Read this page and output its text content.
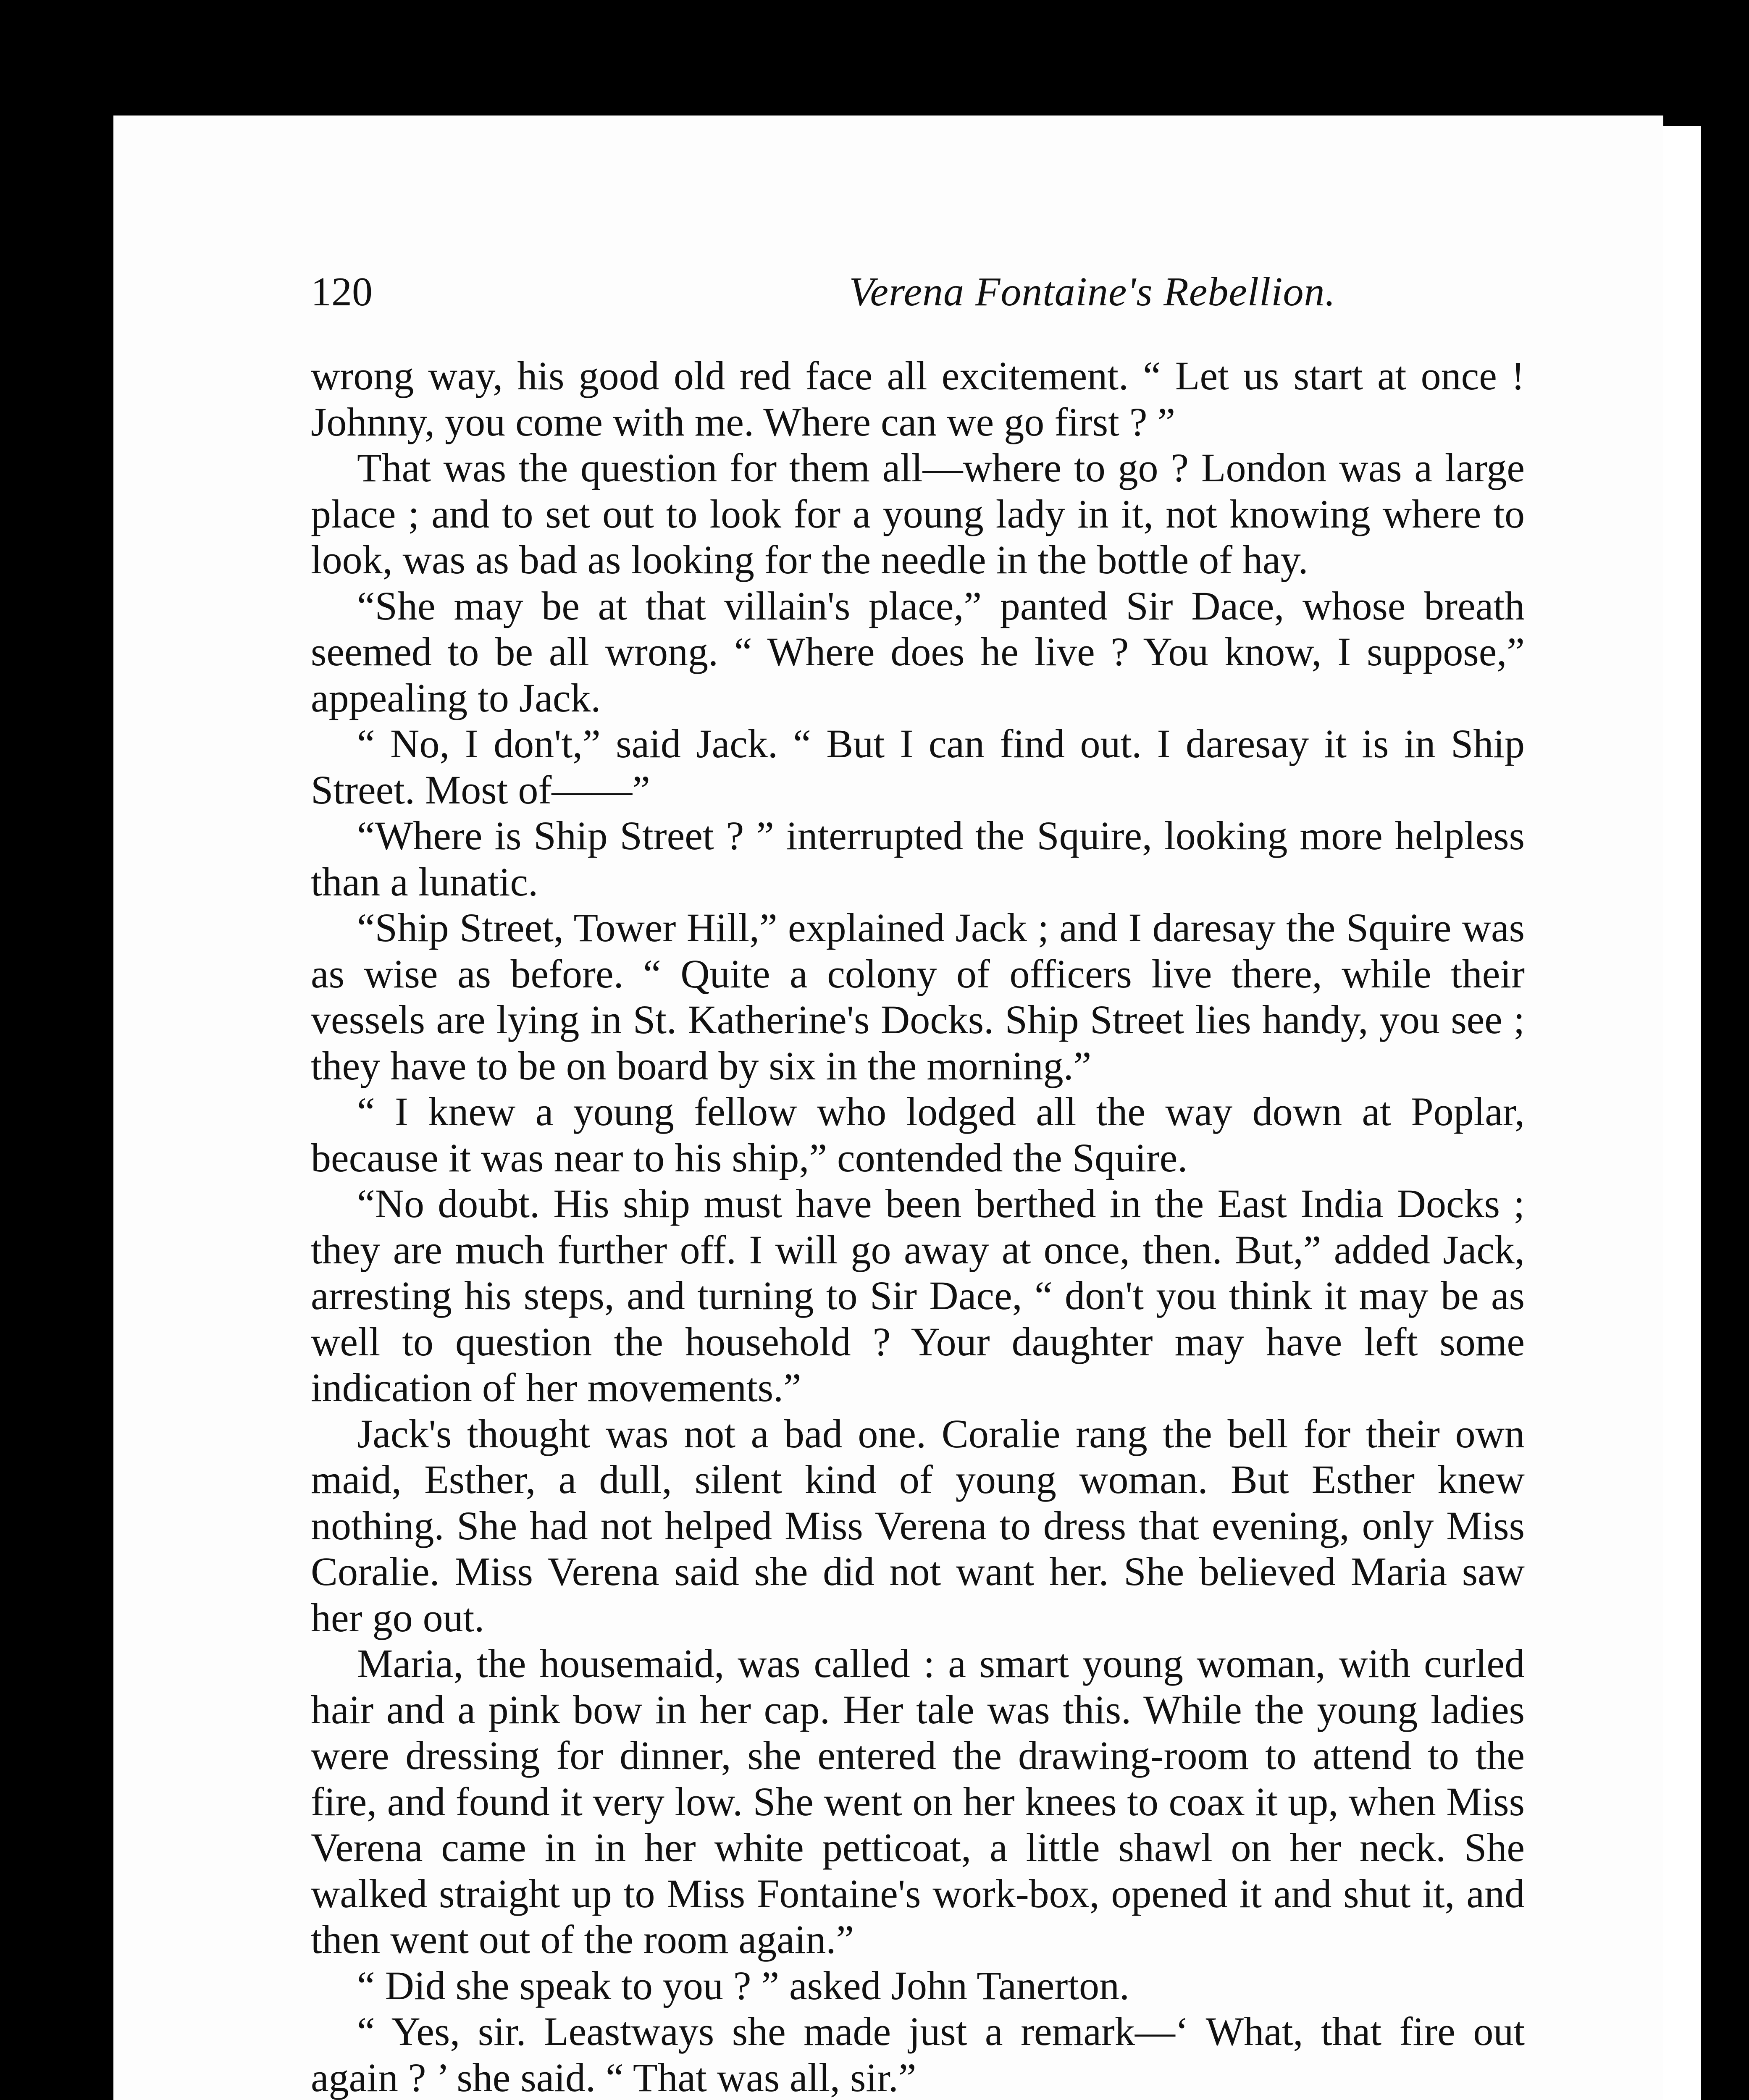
120	Verena Fontaine's Rebellion.

wrong way, his good old red face all excitement. “ Let us start at once ! Johnny, you come with me. Where can we go first ? ”

That was the question for them all—where to go ? London was a large place ; and to set out to look for a young lady in it, not knowing where to look, was as bad as looking for the needle in the bottle of hay.

“She may be at that villain's place,” panted Sir Dace, whose breath seemed to be all wrong. “ Where does he live ? You know, I suppose,” appealing to Jack.

“ No, I don't,” said Jack. “ But I can find out. I daresay it is in Ship Street. Most of——”

“Where is Ship Street ? ” interrupted the Squire, looking more helpless than a lunatic.

“Ship Street, Tower Hill,” explained Jack ; and I daresay the Squire was as wise as before. “ Quite a colony of officers live there, while their vessels are lying in St. Katherine's Docks. Ship Street lies handy, you see ; they have to be on board by six in the morning.”

“ I knew a young fellow who lodged all the way down at Poplar, because it was near to his ship,” contended the Squire.

“No doubt. His ship must have been berthed in the East India Docks ; they are much further off. I will go away at once, then. But,” added Jack, arresting his steps, and turning to Sir Dace, “ don't you think it may be as well to question the household ? Your daughter may have left some indication of her movements.”

Jack's thought was not a bad one. Coralie rang the bell for their own maid, Esther, a dull, silent kind of young woman. But Esther knew nothing. She had not helped Miss Verena to dress that evening, only Miss Coralie. Miss Verena said she did not want her. She believed Maria saw her go out.

Maria, the housemaid, was called : a smart young woman, with curled hair and a pink bow in her cap. Her tale was this. While the young ladies were dressing for dinner, she entered the drawing-room to attend to the fire, and found it very low. She went on her knees to coax it up, when Miss Verena came in in her white petticoat, a little shawl on her neck. She walked straight up to Miss Fontaine's work-box, opened it and shut it, and then went out of the room again.”

“ Did she speak to you ? ” asked John Tanerton.

“ Yes, sir. Leastways she made just a remark—‘ What, that fire out again ? ’ she said. “ That was all, sir.”
